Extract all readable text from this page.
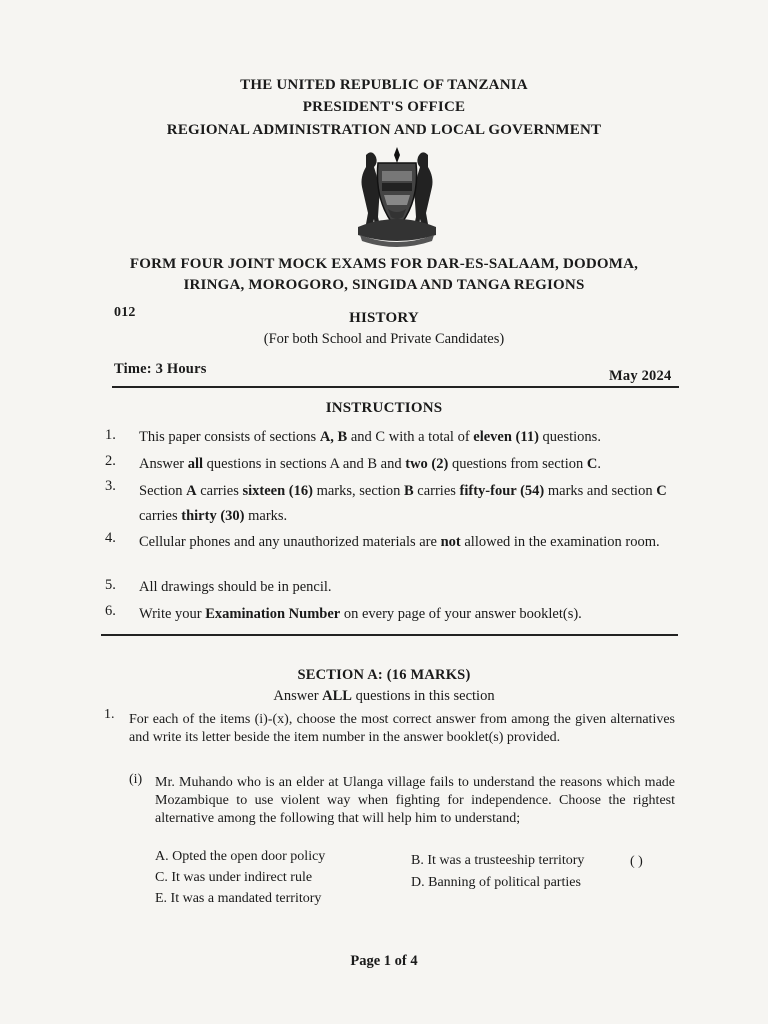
THE UNITED REPUBLIC OF TANZANIA
PRESIDENT'S OFFICE
REGIONAL ADMINISTRATION AND LOCAL GOVERNMENT
FORM FOUR JOINT MOCK EXAMS FOR DAR-ES-SALAAM, DODOMA,
IRINGA, MOROGORO, SINGIDA AND TANGA REGIONS
012	HISTORY
(For both School and Private Candidates)
Time: 3 Hours	May 2024
INSTRUCTIONS
1. This paper consists of sections A, B and C with a total of eleven (11) questions.
2. Answer all questions in sections A and B and two (2) questions from section C.
3. Section A carries sixteen (16) marks, section B carries fifty-four (54) marks and section C carries thirty (30) marks.
4. Cellular phones and any unauthorized materials are not allowed in the examination room.
5. All drawings should be in pencil.
6. Write your Examination Number on every page of your answer booklet(s).
SECTION A: (16 MARKS)
Answer ALL questions in this section
1. For each of the items (i)-(x), choose the most correct answer from among the given alternatives and write its letter beside the item number in the answer booklet(s) provided.
(i) Mr. Muhando who is an elder at Ulanga village fails to understand the reasons which made Mozambique to use violent way when fighting for independence. Choose the rightest alternative among the following that will help him to understand;
A. Opted the open door policy	B. It was a trusteeship territory	( )
C. It was under indirect rule	D. Banning of political parties
E. It was a mandated territory
Page 1 of 4
